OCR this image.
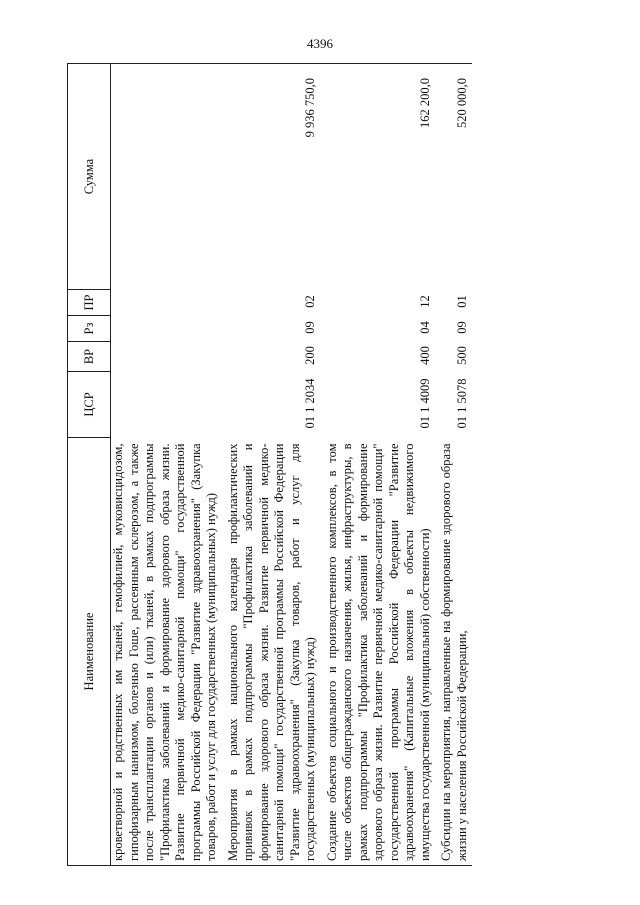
4396
Наименование	ЦСР	ВР	Рз	ПР	Сумма
кроветворной и родственных им тканей, гемофилией, муковисцидозом, гипофизарным нанизмом, болезнью Гоше, рассеянным склерозом, а также после трансплантации органов и (или) тканей, в рамках подпрограммы "Профилактика заболеваний и формирование здорового образа жизни. Развитие первичной медико-санитарной помощи" государственной программы Российской Федерации "Развитие здравоохранения" (Закупка товаров, работ и услуг для государственных (муниципальных) нужд)					
Мероприятия в рамках национального календаря профилактических прививок в рамках подпрограммы "Профилактика заболеваний и формирование здорового образа жизни. Развитие первичной медико-санитарной помощи" государственной программы Российской Федерации "Развитие здравоохранения" (Закупка товаров, работ и услуг для государственных (муниципальных) нужд)	01 1 2034	200	09	02	9 936 750,0
Создание объектов социального и производственного комплексов, в том числе объектов общегражданского назначения, жилья, инфраструктуры, в рамках подпрограммы "Профилактика заболеваний и формирование здорового образа жизни. Развитие первичной медико-санитарной помощи" государственной программы Российской Федерации "Развитие здравоохранения" (Капитальные вложения в объекты недвижимого имущества государственной (муниципальной) собственности)	01 1 4009	400	04	12	162 200,0
Субсидии на мероприятия, направленные на формирование здорового образа жизни у населения Российской Федерации,	01 1 5078	500	09	01	520 000,0
